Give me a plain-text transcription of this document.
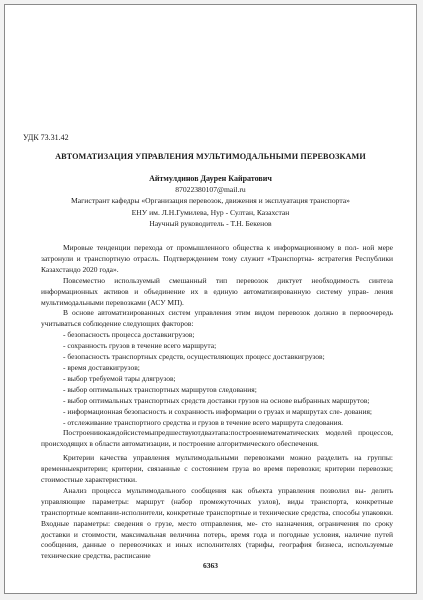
УДК 73.31.42
АВТОМАТИЗАЦИЯ УПРАВЛЕНИЯ МУЛЬТИМОДАЛЬНЫМИ ПЕРЕВОЗКАМИ
Айтмулдинов Даурен Кайратович
87022380107@mail.ru
Магистрант кафедры «Организация перевозок, движения и эксплуатация транспорта»
ЕНУ им. Л.Н.Гумилева, Нур - Султан, Казахстан
Научный руководитель - Т.Н. Бекенов

Мировые тенденции перехода от промышленного общества к информационному в пол- ной мере затронули и транспортную отрасль. Подтверждением тому служит «Транспортна- ястратегия Республики Казахстандо 2020 года».

Повсеместно используемый смешанный тип перевозок диктует необходимость синтеза информационных активов и объединение их в единую автоматизированную систему управ- ления мультимодальными перевозками (АСУ МП).

В основе автоматизированных систем управления этим видом перевозок должно в первоочередь учитываться соблюдение следующих факторов:

- безопасность процесса доставкигрузов;

- сохранность грузов в течение всего маршрута;

- безопасность транспортных средств, осуществляющих процесс доставкигрузов;

- время доставкигрузов;

- выбор требуемой тары длягрузов;

- выбор оптимальных транспортных маршрутов следования;

- выбор оптимальных транспортных средств доставки грузов на основе выбранных маршрутов;

- информационная безопасность и сохранность информации о грузах и маршрутах сле- дования;

- отслеживание транспортного средства и грузов в течение всего маршрута следования.

Построениюкаждойсистемыпредшествуютдваэтапа:построениематематических моделей процессов, происходящих в области автоматизации, и построение алгоритмического обеспечения.

Критерии качества управления мультимодальными перевозками можно разделить на группы: временныекритерии; критерии, связанные с состоянием груза во время перевозки; критерии перевозки; стоимостные характеристики.

Анализ процесса мультимодального сообщения как объекта управления позволил вы- делить управляющие параметры: маршрут (набор промежуточных узлов), виды транспорта, конкретные транспортные компании-исполнители, конкретные транспортные и технические средства, способы упаковки. Входные параметры: сведения о грузе, место отправления, ме- сто назначения, ограничения по сроку доставки и стоимости, максимальная величина потерь, время года и погодные условия, наличие путей сообщения, данные о перевозчиках и иных исполнителях (тарифы, география бизнеса, используемые технические средства, расписание

6363
